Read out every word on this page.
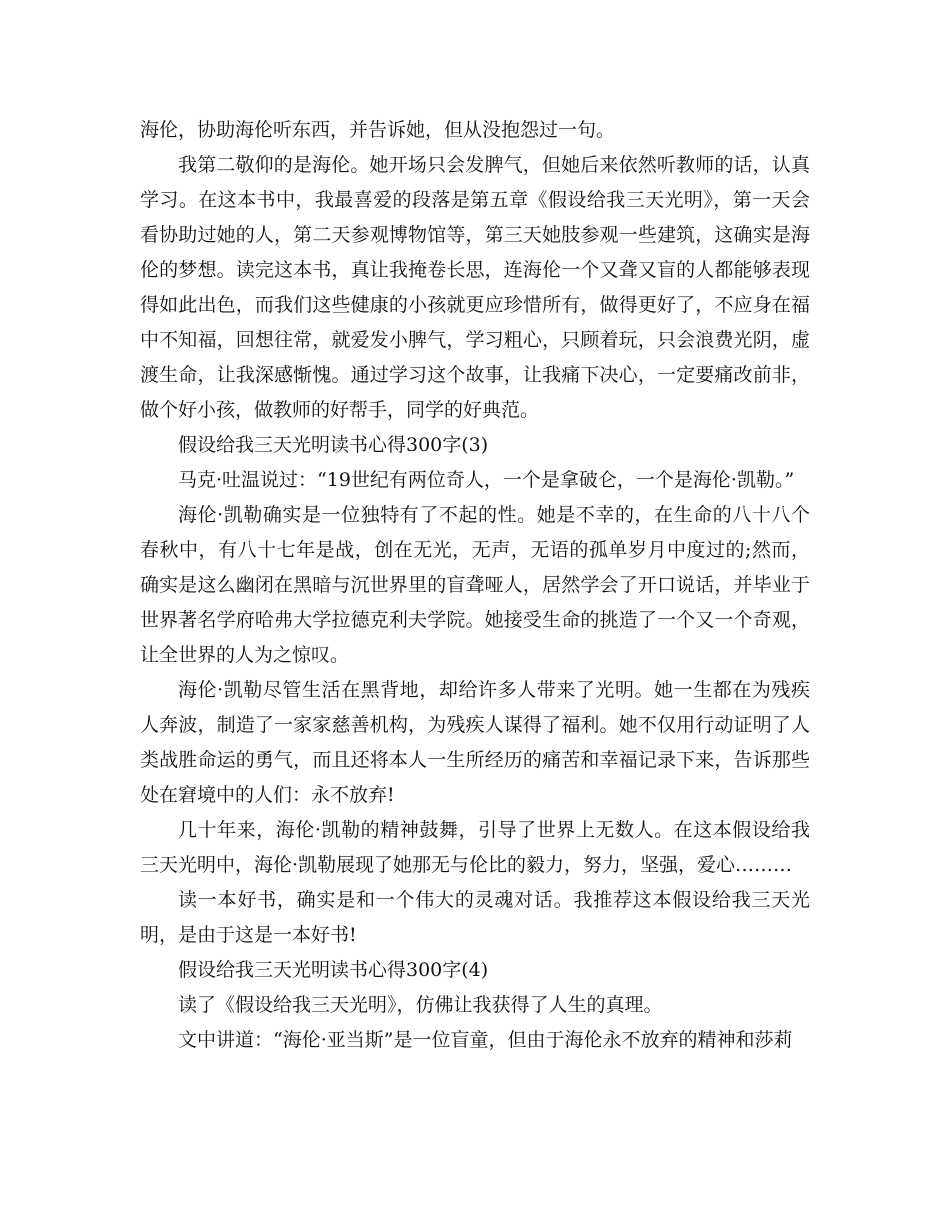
海伦，协助海伦听东西，并告诉她，但从没抱怨过一句。

我第二敬仰的是海伦。她开场只会发脾气，但她后来依然听教师的话，认真学习。在这本书中，我最喜爱的段落是第五章《假设给我三天光明》，第一天会看协助过她的人，第二天参观博物馆等，第三天她肢参观一些建筑，这确实是海伦的梦想。读完这本书，真让我掩卷长思，连海伦一个又聋又盲的人都能够表现得如此出色，而我们这些健康的小孩就更应珍惜所有，做得更好了，不应身在福中不知福，回想往常，就爱发小脾气，学习粗心，只顾着玩，只会浪费光阴，虚渡生命，让我深感惭愧。通过学习这个故事，让我痛下决心，一定要痛改前非，做个好小孩，做教师的好帮手，同学的好典范。

假设给我三天光明读书心得300字(3)

马克·吐温说过：“19世纪有两位奇人，一个是拿破仑，一个是海伦·凯勒。”

海伦·凯勒确实是一位独特有了不起的性。她是不幸的，在生命的八十八个春秋中，有八十七年是战，创在无光，无声，无语的孤单岁月中度过的;然而，确实是这么幽闭在黑暗与沉世界里的盲聋哑人，居然学会了开口说话，并毕业于世界著名学府哈弗大学拉德克利夫学院。她接受生命的挑造了一个又一个奇观，让全世界的人为之惊叹。

海伦·凯勒尽管生活在黑背地，却给许多人带来了光明。她一生都在为残疾人奔波，制造了一家家慈善机构，为残疾人谋得了福利。她不仅用行动证明了人类战胜命运的勇气，而且还将本人一生所经历的痛苦和幸福记录下来，告诉那些处在窘境中的人们：永不放弃!

几十年来，海伦·凯勒的精神鼓舞，引导了世界上无数人。在这本假设给我三天光明中，海伦·凯勒展现了她那无与伦比的毅力，努力，坚强，爱心………

读一本好书，确实是和一个伟大的灵魂对话。我推荐这本假设给我三天光明，是由于这是一本好书!

假设给我三天光明读书心得300字(4)

读了《假设给我三天光明》，仿佛让我获得了人生的真理。

文中讲道：“海伦·亚当斯”是一位盲童，但由于海伦永不放弃的精神和莎莉
